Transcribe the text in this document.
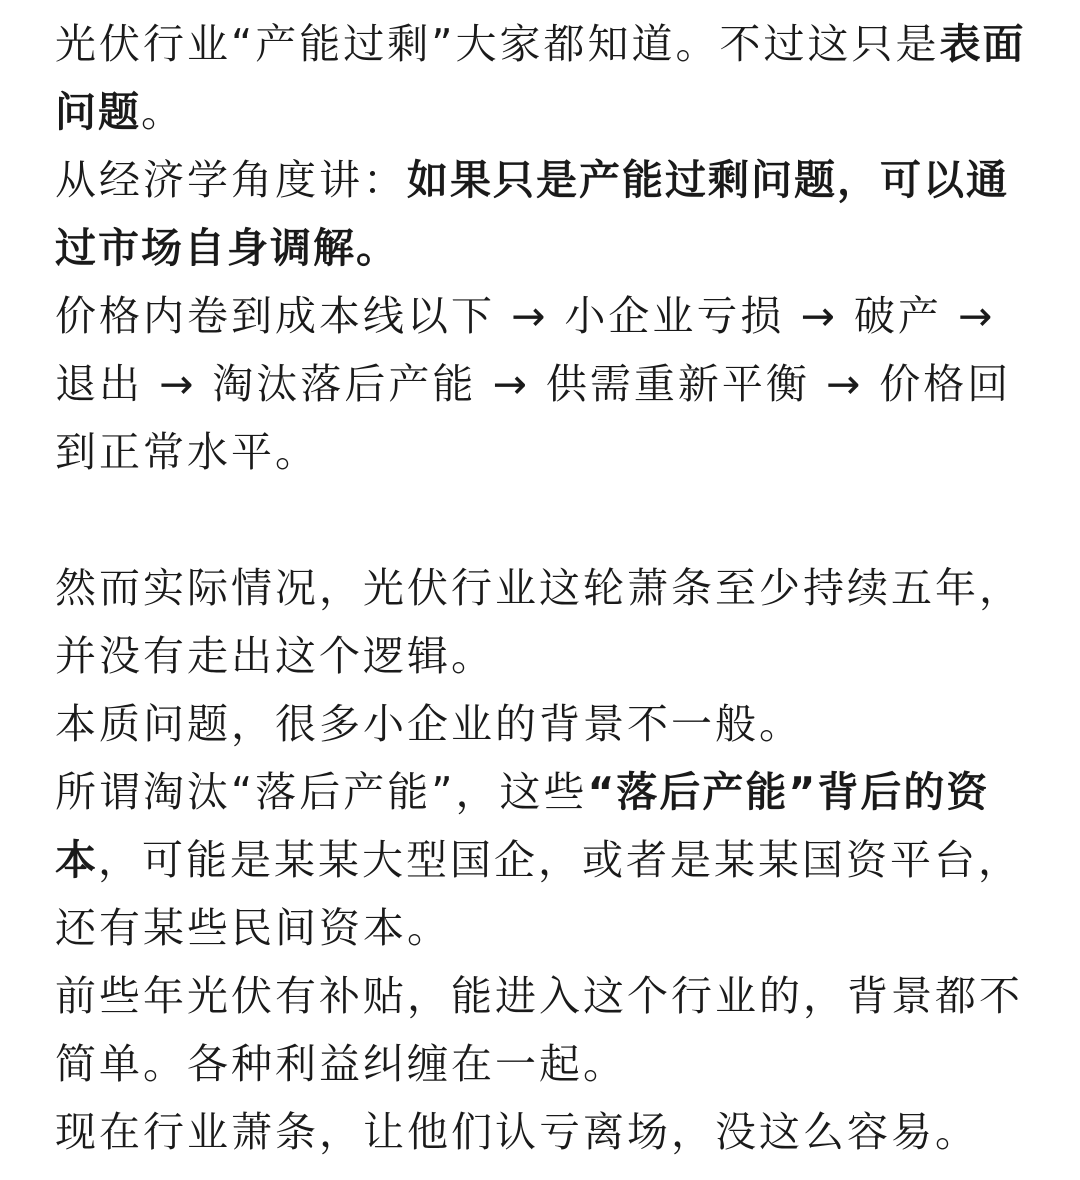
光伏行业“产能过剩”大家都知道。不过这只是表面问题。

从经济学角度讲：如果只是产能过剩问题，可以通过市场自身调解。

价格内卷到成本线以下 → 小企业亏损 → 破产 → 退出 → 淘汰落后产能 → 供需重新平衡 → 价格回到正常水平。

然而实际情况，光伏行业这轮萧条至少持续五年，并没有走出这个逻辑。

本质问题，很多小企业的背景不一般。

所谓淘汰“落后产能”，这些“落后产能”背后的资本，可能是某某大型国企，或者是某某国资平台，还有某些民间资本。

前些年光伏有补贴，能进入这个行业的，背景都不简单。各种利益纠缠在一起。

现在行业萧条，让他们认亏离场，没这么容易。
